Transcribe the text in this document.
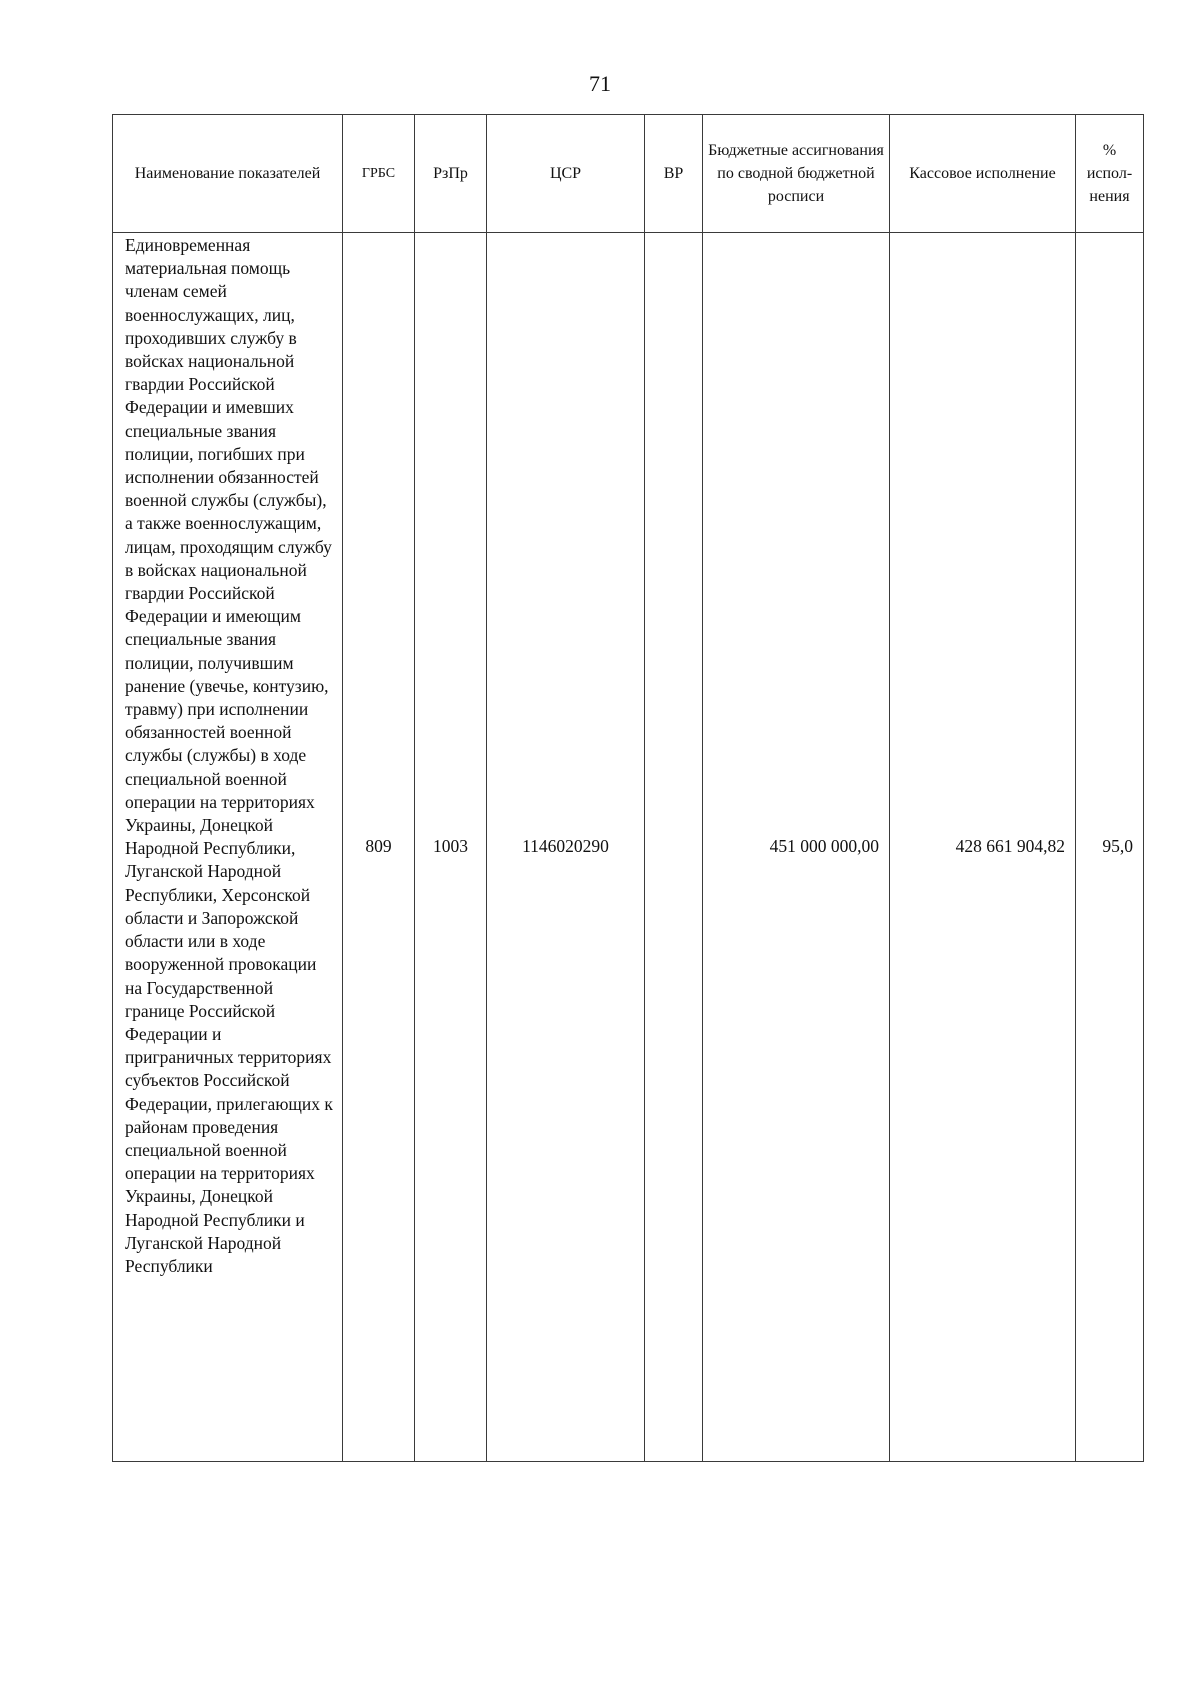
71
Наименование показателей	ГРБС	РзПр	ЦСР	ВР	Бюджетные ассигнования по сводной бюджетной росписи	Кассовое исполнение	% испол-нения
Единовременная материальная помощь членам семей военнослужащих, лиц, проходивших службу в войсках национальной гвардии Российской Федерации и имевших специальные звания полиции, погибших при исполнении обязанностей военной службы (службы), а также военнослужащим, лицам, проходящим службу в войсках национальной гвардии Российской Федерации и имеющим специальные звания полиции, получившим ранение (увечье, контузию, травму) при исполнении обязанностей военной службы (службы) в ходе специальной военной операции на территориях Украины, Донецкой Народной Республики, Луганской Народной Республики, Херсонской области и Запорожской области или в ходе вооруженной провокации на Государственной границе Российской Федерации и приграничных территориях субъектов Российской Федерации, прилегающих к районам проведения специальной военной операции на территориях Украины, Донецкой Народной Республики и Луганской Народной Республики	809	1003	1146020290		451 000 000,00	428 661 904,82	95,0
